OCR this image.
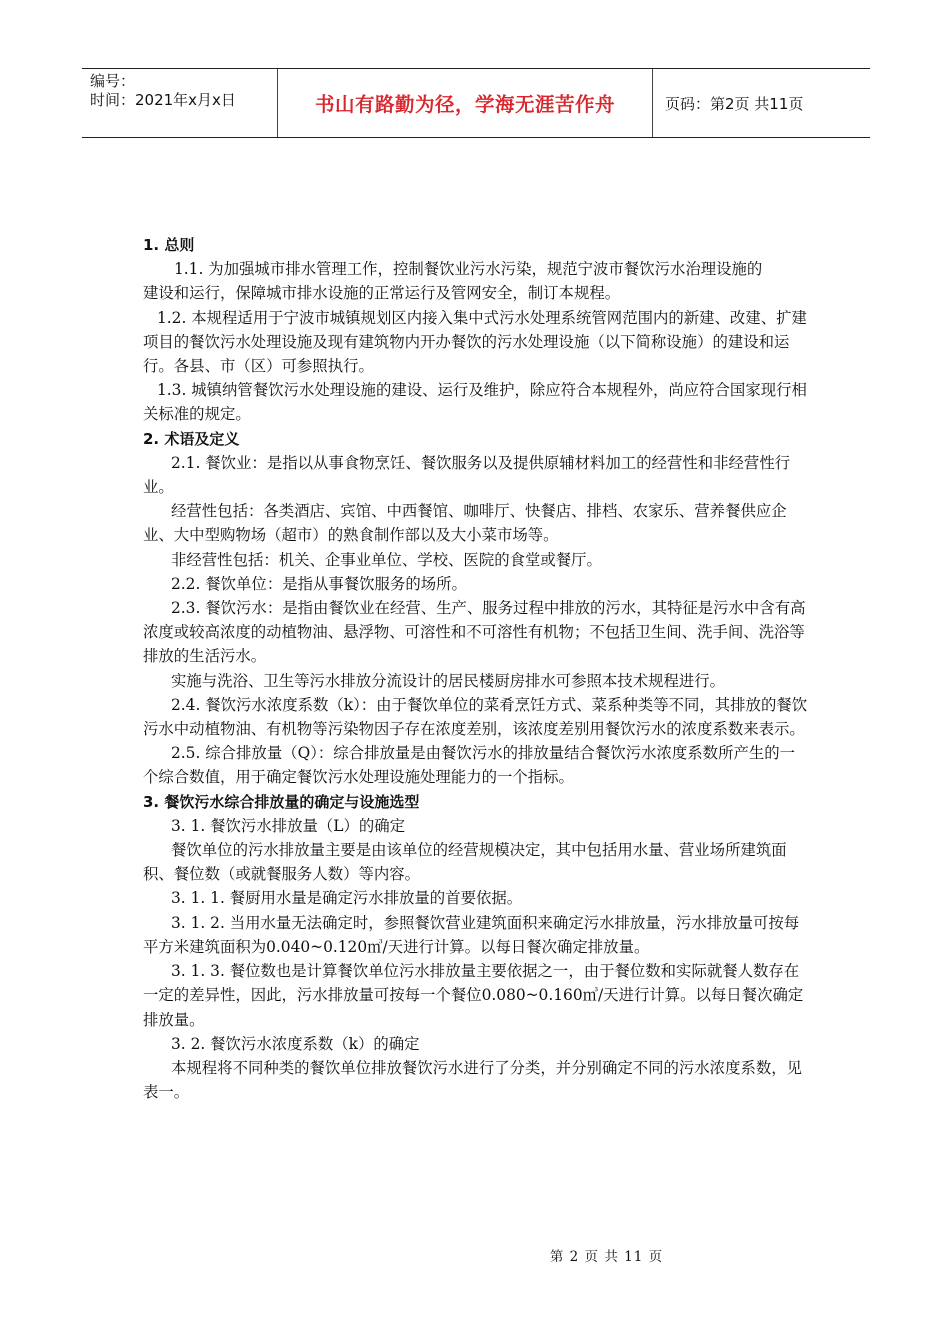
编号：
时间：2021年x月x日	书山有路勤为径，学海无涯苦作舟	页码：第2页 共11页

1. 总则

1.1. 为加强城市排水管理工作，控制餐饮业污水污染，规范宁波市餐饮污水治理设施的

建设和运行，保障城市排水设施的正常运行及管网安全，制订本规程。

1.2. 本规程适用于宁波市城镇规划区内接入集中式污水处理系统管网范围内的新建、改建、扩建项目的餐饮污水处理设施及现有建筑物内开办餐饮的污水处理设施（以下简称设施）的建设和运行。各县、市（区）可参照执行。

1.3. 城镇纳管餐饮污水处理设施的建设、运行及维护，除应符合本规程外，尚应符合国家现行相关标准的规定。

2. 术语及定义

2.1. 餐饮业：是指以从事食物烹饪、餐饮服务以及提供原辅材料加工的经营性和非经营性行业。

经营性包括：各类酒店、宾馆、中西餐馆、咖啡厅、快餐店、排档、农家乐、营养餐供应企业、大中型购物场（超市）的熟食制作部以及大小菜市场等。

非经营性包括：机关、企事业单位、学校、医院的食堂或餐厅。

2.2. 餐饮单位：是指从事餐饮服务的场所。

2.3. 餐饮污水：是指由餐饮业在经营、生产、服务过程中排放的污水，其特征是污水中含有高浓度或较高浓度的动植物油、悬浮物、可溶性和不可溶性有机物；不包括卫生间、洗手间、洗浴等排放的生活污水。

实施与洗浴、卫生等污水排放分流设计的居民楼厨房排水可参照本技术规程进行。

2.4. 餐饮污水浓度系数（k）：由于餐饮单位的菜肴烹饪方式、菜系种类等不同，其排放的餐饮污水中动植物油、有机物等污染物因子存在浓度差别，该浓度差别用餐饮污水的浓度系数来表示。

2.5. 综合排放量（Q）：综合排放量是由餐饮污水的排放量结合餐饮污水浓度系数所产生的一个综合数值，用于确定餐饮污水处理设施处理能力的一个指标。

3. 餐饮污水综合排放量的确定与设施选型

3. 1. 餐饮污水排放量（L）的确定

餐饮单位的污水排放量主要是由该单位的经营规模决定，其中包括用水量、营业场所建筑面积、餐位数（或就餐服务人数）等内容。

3. 1. 1. 餐厨用水量是确定污水排放量的首要依据。

3. 1. 2. 当用水量无法确定时，参照餐饮营业建筑面积来确定污水排放量，污水排放量可按每平方米建筑面积为0.040~0.120㎥/天进行计算。以每日餐次确定排放量。

3. 1. 3. 餐位数也是计算餐饮单位污水排放量主要依据之一，由于餐位数和实际就餐人数存在一定的差异性，因此，污水排放量可按每一个餐位0.080~0.160㎥/天进行计算。以每日餐次确定排放量。

3. 2. 餐饮污水浓度系数（k）的确定

本规程将不同种类的餐饮单位排放餐饮污水进行了分类，并分别确定不同的污水浓度系数，见表一。

第 2 页 共 11 页
